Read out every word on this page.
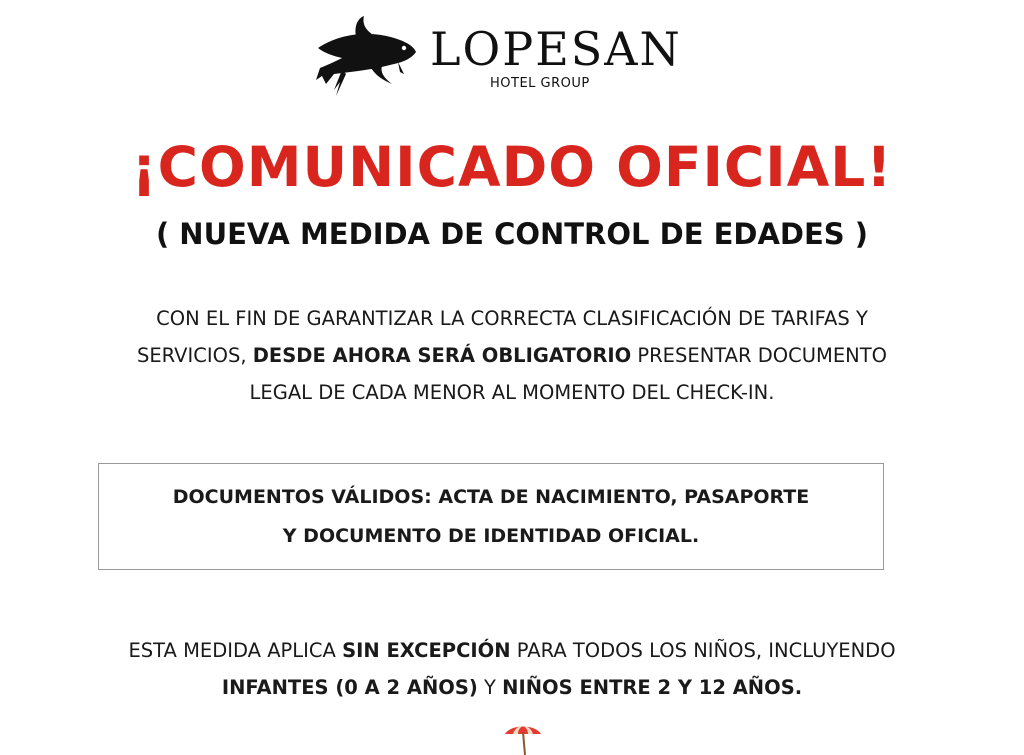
LOPESAN
HOTEL GROUP
¡COMUNICADO OFICIAL!
( NUEVA MEDIDA DE CONTROL DE EDADES )
CON EL FIN DE GARANTIZAR LA CORRECTA CLASIFICACIÓN DE TARIFAS Y
SERVICIOS, DESDE AHORA SERÁ OBLIGATORIO PRESENTAR DOCUMENTO
LEGAL DE CADA MENOR AL MOMENTO DEL CHECK-IN.
DOCUMENTOS VÁLIDOS: ACTA DE NACIMIENTO, PASAPORTE
Y DOCUMENTO DE IDENTIDAD OFICIAL.
ESTA MEDIDA APLICA SIN EXCEPCIÓN PARA TODOS LOS NIÑOS, INCLUYENDO
INFANTES (0 A 2 AÑOS) Y NIÑOS ENTRE 2 Y 12 AÑOS.
